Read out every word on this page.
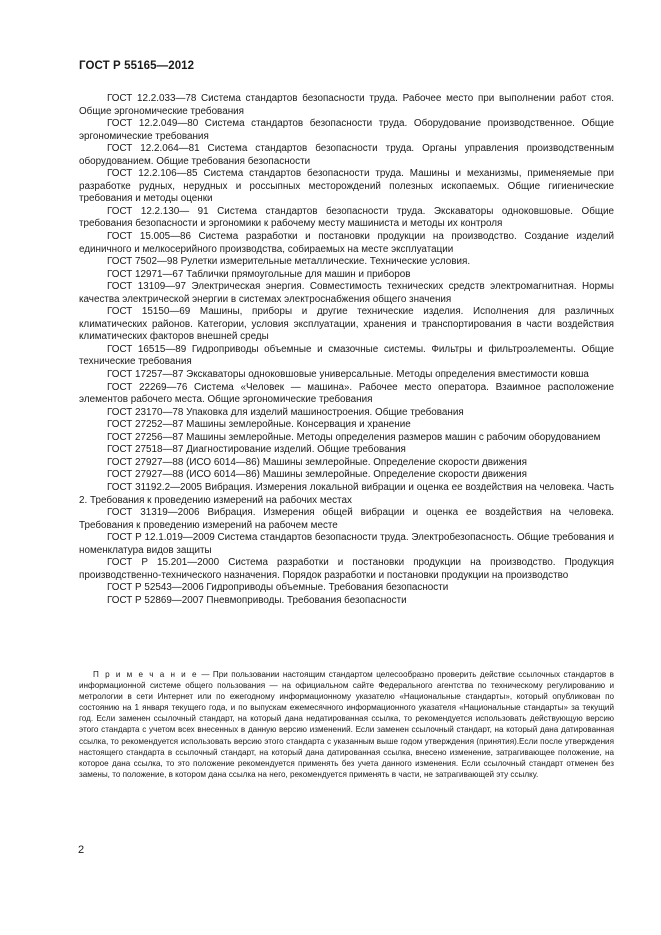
ГОСТ Р 55165—2012

ГОСТ 12.2.033—78 Система стандартов безопасности труда. Рабочее место при выполнении работ стоя. Общие эргономические требования

ГОСТ 12.2.049—80 Система стандартов безопасности труда. Оборудование производственное. Общие эргономические требования

ГОСТ 12.2.064—81 Система стандартов безопасности труда. Органы управления производственным оборудованием. Общие требования безопасности

ГОСТ 12.2.106—85 Система стандартов безопасности труда. Машины и механизмы, применяемые при разработке рудных, нерудных и россыпных месторождений полезных ископаемых. Общие гигиенические требования и методы оценки

ГОСТ 12.2.130— 91 Система стандартов безопасности труда. Экскаваторы одноковшовые. Общие требования безопасности и эргономики к рабочему месту машиниста и методы их контроля

ГОСТ 15.005—86 Система разработки и постановки продукции на производство. Создание изделий единичного и мелкосерийного производства, собираемых на месте эксплуатации

ГОСТ 7502—98 Рулетки измерительные металлические. Технические условия.

ГОСТ 12971—67 Таблички прямоугольные для машин и приборов

ГОСТ 13109—97 Электрическая энергия. Совместимость технических средств электромагнитная. Нормы качества электрической энергии в системах электроснабжения общего значения

ГОСТ 15150—69 Машины, приборы и другие технические изделия. Исполнения для различных климатических районов. Категории, условия эксплуатации, хранения и транспортирования в части воздействия климатических факторов внешней среды

ГОСТ 16515—89 Гидроприводы объемные и смазочные системы. Фильтры и фильтроэлементы. Общие технические требования

ГОСТ 17257—87 Экскаваторы одноковшовые универсальные. Методы определения вместимости ковша

ГОСТ 22269—76 Система «Человек — машина». Рабочее место оператора. Взаимное расположение элементов рабочего места. Общие эргономические требования

ГОСТ 23170—78 Упаковка для изделий машиностроения. Общие требования

ГОСТ 27252—87 Машины землеройные. Консервация и хранение

ГОСТ 27256—87 Машины землеройные. Методы определения размеров машин с рабочим оборудованием

ГОСТ 27518—87 Диагностирование изделий. Общие требования

ГОСТ 27927—88 (ИСО 6014—86) Машины землеройные. Определение скорости движения

ГОСТ 27927—88 (ИСО 6014—86) Машины землеройные. Определение скорости движения

ГОСТ 31192.2—2005 Вибрация. Измерения локальной вибрации и оценка ее воздействия на человека. Часть 2. Требования к проведению измерений на рабочих местах

ГОСТ 31319—2006 Вибрация. Измерения общей вибрации и оценка ее воздействия на человека. Требования к проведению измерений на рабочем месте

ГОСТ Р 12.1.019—2009 Система стандартов безопасности труда. Электробезопасность. Общие требования и номенклатура видов защиты

ГОСТ Р 15.201—2000 Система разработки и постановки продукции на производство. Продукция производственно-технического назначения. Порядок разработки и постановки продукции на производство

ГОСТ Р 52543—2006 Гидроприводы объемные. Требования безопасности

ГОСТ Р 52869—2007 Пневмоприводы. Требования безопасности

П р и м е ч а н и е — При пользовании настоящим стандартом целесообразно проверить действие ссылочных стандартов в информационной системе общего пользования — на официальном сайте Федерального агентства по техническому регулированию и метрологии в сети Интернет или по ежегодному информационному указателю «Национальные стандарты», который опубликован по состоянию на 1 января текущего года, и по выпускам ежемесячного информационного указателя «Национальные стандарты» за текущий год. Если заменен ссылочный стандарт, на который дана недатированная ссылка, то рекомендуется использовать действующую версию этого стандарта с учетом всех внесенных в данную версию изменений. Если заменен ссылочный стандарт, на который дана датированная ссылка, то рекомендуется использовать версию этого стандарта с указанным выше годом утверждения (принятия).Если после утверждения настоящего стандарта в ссылочный стандарт, на который дана датированная ссылка, внесено изменение, затрагивающее положение, на которое дана ссылка, то это положение рекомендуется применять без учета данного изменения. Если ссылочный стандарт отменен без замены, то положение, в котором дана ссылка на него, рекомендуется применять в части, не затрагивающей эту ссылку.

2
